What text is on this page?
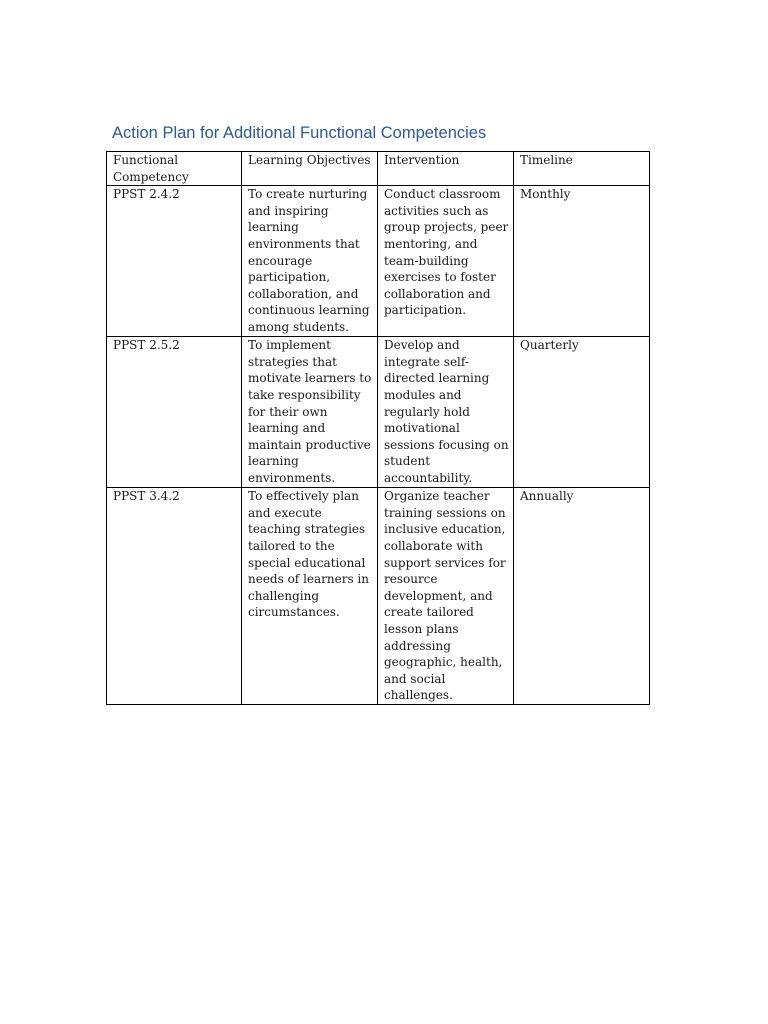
Action Plan for Additional Functional Competencies
Functional Competency	Learning Objectives	Intervention	Timeline
PPST 2.4.2	To create nurturing and inspiring learning environments that encourage participation, collaboration, and continuous learning among students.	Conduct classroom activities such as group projects, peer mentoring, and team-building exercises to foster collaboration and participation.	Monthly
PPST 2.5.2	To implement strategies that motivate learners to take responsibility for their own learning and maintain productive learning environments.	Develop and integrate self-directed learning modules and regularly hold motivational sessions focusing on student accountability.	Quarterly
PPST 3.4.2	To effectively plan and execute teaching strategies tailored to the special educational needs of learners in challenging circumstances.	Organize teacher training sessions on inclusive education, collaborate with support services for resource development, and create tailored lesson plans addressing geographic, health, and social challenges.	Annually
